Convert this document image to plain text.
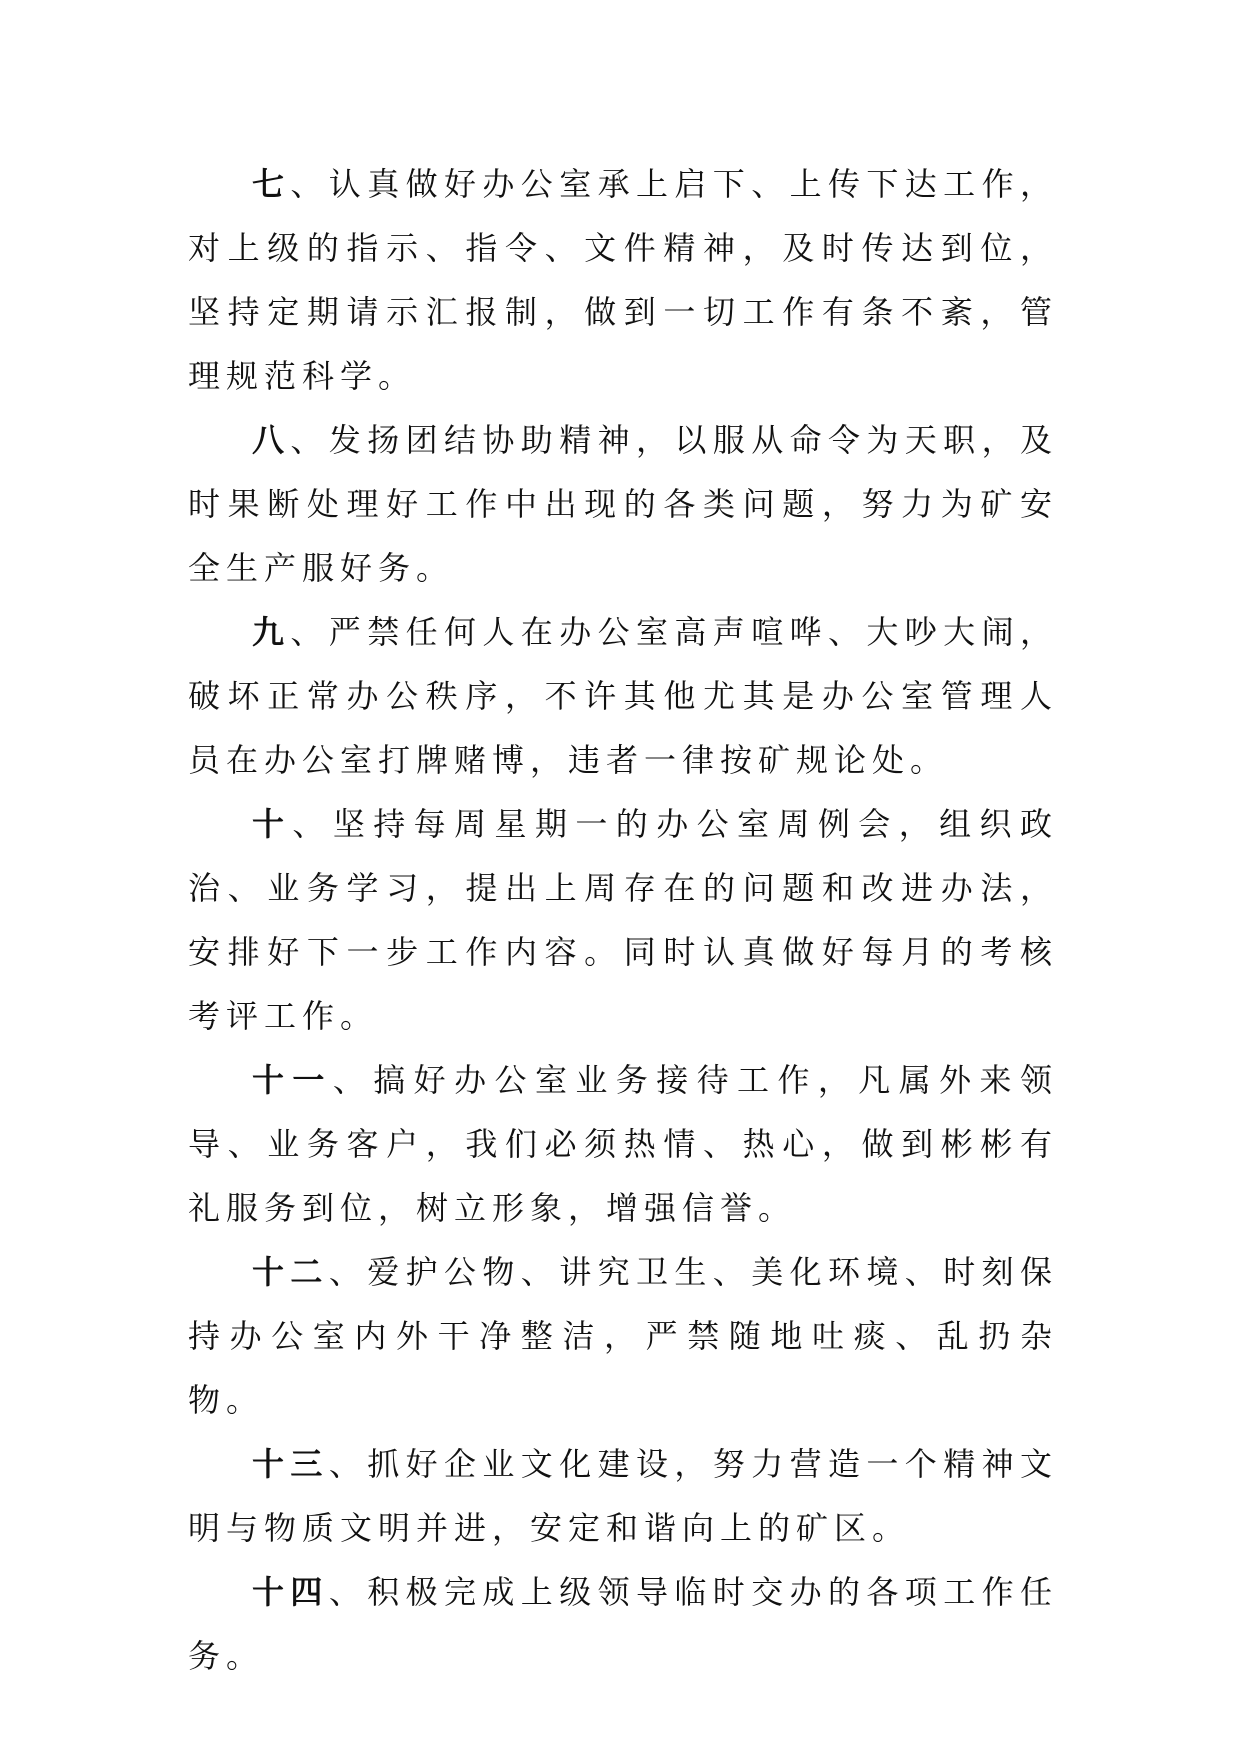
七、认真做好办公室承上启下、上传下达工作，对上级的指示、指令、文件精神，及时传达到位，坚持定期请示汇报制，做到一切工作有条不紊，管理规范科学。

八、发扬团结协助精神，以服从命令为天职，及时果断处理好工作中出现的各类问题，努力为矿安全生产服好务。

九、严禁任何人在办公室高声喧哗、大吵大闹，破坏正常办公秩序，不许其他尤其是办公室管理人员在办公室打牌赌博，违者一律按矿规论处。

十、坚持每周星期一的办公室周例会，组织政治、业务学习，提出上周存在的问题和改进办法，安排好下一步工作内容。同时认真做好每月的考核考评工作。

十一、搞好办公室业务接待工作，凡属外来领导、业务客户，我们必须热情、热心，做到彬彬有礼服务到位，树立形象，增强信誉。

十二、爱护公物、讲究卫生、美化环境、时刻保持办公室内外干净整洁，严禁随地吐痰、乱扔杂物。

十三、抓好企业文化建设，努力营造一个精神文明与物质文明并进，安定和谐向上的矿区。

十四、积极完成上级领导临时交办的各项工作任务。
